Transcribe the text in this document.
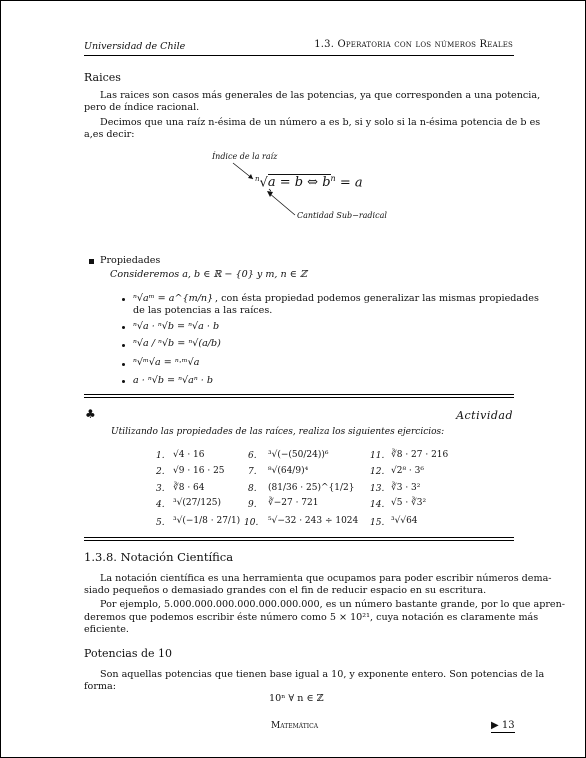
Universidad de Chile	1.3. Operatoria con los números Reales
Raices
Las raices son casos más generales de las potencias, ya que corresponden a una potencia,
pero de índice racional.
Decimos que una raíz n-ésima de un número a es b, si y solo si la n-ésima potencia de b es
a,es decir:
Índice de la raíz
$^n$√a = b ⇔ $b^n = a$
Cantidad Sub−radical
Propiedades
Consideremos a, b ∈ ℝ − {0} y m, n ∈ ℤ
ⁿ√aᵐ = a^{m/n} , con ésta propiedad podemos generalizar las mismas propiedades
de las potencias a las raíces.
ⁿ√a · ⁿ√b = ⁿ√a · b
ⁿ√a / ⁿ√b = ⁿ√(a/b)
ⁿ√ᵐ√a = ⁿ·ᵐ√a
a · ⁿ√b = ⁿ√aⁿ · b
♣	Actividad
Utilizando las propiedades de las raíces, realiza los siguientes ejercicios:
1. √4 · 16
2. √9 · 16 · 25
3. ∛8 · 64
4. ³√(27/125)
5. ³√(−1/8 · 27/1)
6. ³√(−(50/24))⁶
7. ⁸√(64/9)⁴
8. (81/36 · 25)^{1/2}
9. ∛−27 · 721
10. ⁵√−32 · 243 ÷ 1024
11. ∛8 · 27 · 216
12. √2⁸ · 3⁶
13. ∛3 · 3²
14. √5 · ∛3²
15. ³√√64
1.3.8. Notación Científica
La notación científica es una herramienta que ocupamos para poder escribir números dema-
siado pequeños o demasiado grandes con el fin de reducir espacio en su escritura.
Por ejemplo, 5.000.000.000.000.000.000.000, es un número bastante grande, por lo que apren-
deremos que podemos escribir éste número como 5 × 10²¹, cuya notación es claramente más
eficiente.
Potencias de 10
Son aquellas potencias que tienen base igual a 10, y exponente entero. Son potencias de la
forma:
10ⁿ ∀ n ∈ ℤ
Matemática	▶ 13
